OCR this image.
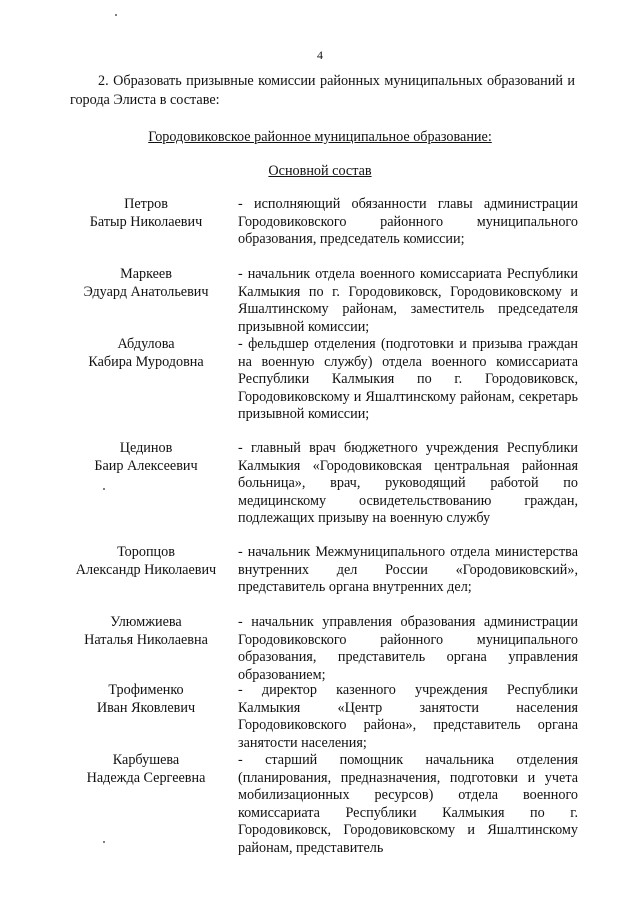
4
2. Образовать призывные комиссии районных муниципальных образований и города Элиста в составе:
Городовиковское районное муниципальное образование:
Основной состав
Петров
Батыр Николаевич
- исполняющий обязанности главы администрации Городовиковского районного муниципального образования, председатель комиссии;
Маркеев
Эдуард Анатольевич
- начальник отдела военного комиссариата Республики Калмыкия по г. Городовиковск, Городовиковскому и Яшалтинскому районам, заместитель председателя призывной комиссии;
Абдулова
Кабира Муродовна
- фельдшер отделения (подготовки и призыва граждан на военную службу) отдела военного комиссариата Республики Калмыкия по г. Городовиковск, Городовиковскому и Яшалтинскому районам, секретарь призывной комиссии;
Цединов
Баир Алексеевич
- главный врач бюджетного учреждения Республики Калмыкия «Городовиковская центральная районная больница», врач, руководящий работой по медицинскому освидетельствованию граждан, подлежащих призыву на военную службу
Торопцов
Александр Николаевич
- начальник Межмуниципального отдела министерства внутренних дел России «Городовиковский», представитель органа внутренних дел;
Улюмжиева
Наталья Николаевна
- начальник управления образования администрации Городовиковского районного муниципального образования, представитель органа управления образованием;
Трофименко
Иван Яковлевич
- директор казенного учреждения Республики Калмыкия «Центр занятости населения Городовиковского района», представитель органа занятости населения;
Карбушева
Надежда Сергеевна
- старший помощник начальника отделения (планирования, предназначения, подготовки и учета мобилизационных ресурсов) отдела военного комиссариата Республики Калмыкия по г. Городовиковск, Городовиковскому и Яшалтинскому районам, представитель
